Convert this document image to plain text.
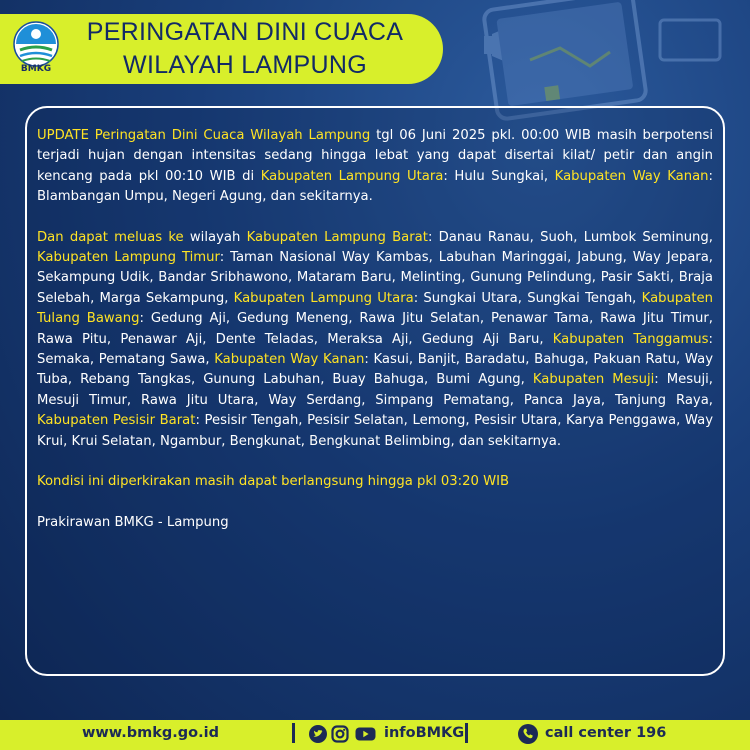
BMKG
PERINGATAN DINI CUACA
WILAYAH LAMPUNG

UPDATE Peringatan Dini Cuaca Wilayah Lampung tgl 06 Juni 2025 pkl. 00:00 WIB masih berpotensi terjadi hujan dengan intensitas sedang hingga lebat yang dapat disertai kilat/ petir dan angin kencang pada pkl 00:10 WIB di Kabupaten Lampung Utara: Hulu Sungkai, Kabupaten Way Kanan: Blambangan Umpu, Negeri Agung, dan sekitarnya.

Dan dapat meluas ke wilayah Kabupaten Lampung Barat: Danau Ranau, Suoh, Lumbok Seminung, Kabupaten Lampung Timur: Taman Nasional Way Kambas, Labuhan Maringgai, Jabung, Way Jepara, Sekampung Udik, Bandar Sribhawono, Mataram Baru, Melinting, Gunung Pelindung, Pasir Sakti, Braja Selebah, Marga Sekampung, Kabupaten Lampung Utara: Sungkai Utara, Sungkai Tengah, Kabupaten Tulang Bawang: Gedung Aji, Gedung Meneng, Rawa Jitu Selatan, Penawar Tama, Rawa Jitu Timur, Rawa Pitu, Penawar Aji, Dente Teladas, Meraksa Aji, Gedung Aji Baru, Kabupaten Tanggamus: Semaka, Pematang Sawa, Kabupaten Way Kanan: Kasui, Banjit, Baradatu, Bahuga, Pakuan Ratu, Way Tuba, Rebang Tangkas, Gunung Labuhan, Buay Bahuga, Bumi Agung, Kabupaten Mesuji: Mesuji, Mesuji Timur, Rawa Jitu Utara, Way Serdang, Simpang Pematang, Panca Jaya, Tanjung Raya, Kabupaten Pesisir Barat: Pesisir Tengah, Pesisir Selatan, Lemong, Pesisir Utara, Karya Penggawa, Way Krui, Krui Selatan, Ngambur, Bengkunat, Bengkunat Belimbing, dan sekitarnya.

Kondisi ini diperkirakan masih dapat berlangsung hingga pkl 03:20 WIB

Prakirawan BMKG - Lampung

www.bmkg.go.id	infoBMKG	call center 196
